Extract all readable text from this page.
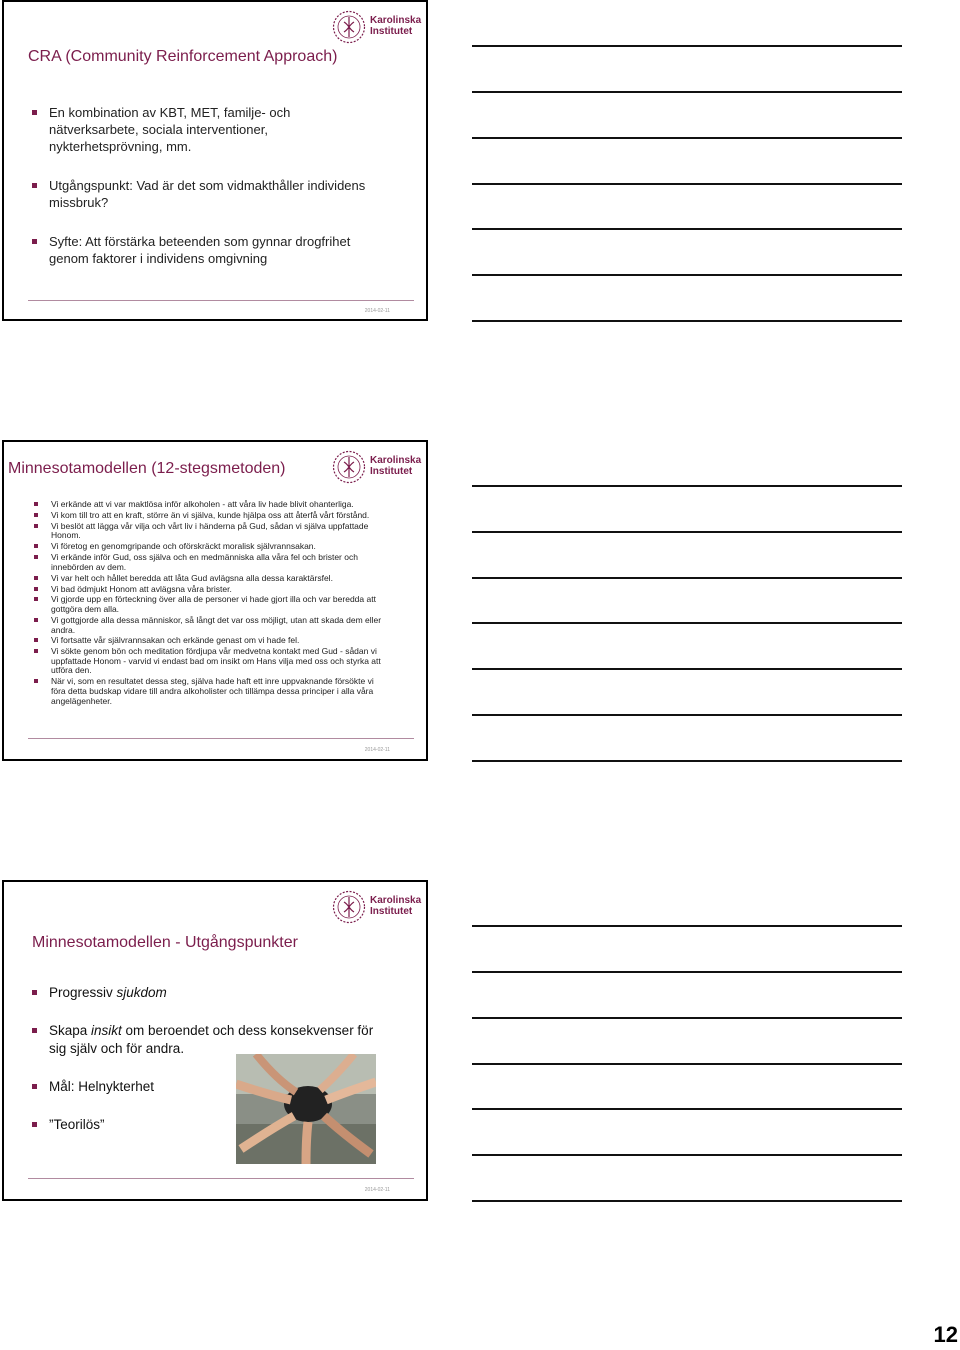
Karolinska
Institutet
CRA (Community Reinforcement Approach)
En kombination av KBT, MET, familje- och nätverksarbete, sociala interventioner, nykterhetsprövning, mm.
Utgångspunkt: Vad är det som vidmakthåller individens missbruk?
Syfte: Att förstärka beteenden som gynnar drogfrihet genom faktorer i individens omgivning
2014-02-11
Karolinska
Institutet
Minnesotamodellen (12-stegsmetoden)
Vi erkände att vi var maktlösa inför alkoholen - att våra liv hade blivit ohanterliga.
Vi kom till tro att en kraft, större än vi själva, kunde hjälpa oss att återfå vårt förstånd.
Vi beslöt att lägga vår vilja och vårt liv i händerna på Gud, sådan vi själva uppfattade Honom.
Vi företog en genomgripande och oförskräckt moralisk självrannsakan.
Vi erkände inför Gud, oss själva och en medmänniska alla våra fel och brister och innebörden av dem.
Vi var helt och hållet beredda att låta Gud avlägsna alla dessa karaktärsfel.
Vi bad ödmjukt Honom att avlägsna våra brister.
Vi gjorde upp en förteckning över alla de personer vi hade gjort illa och var beredda att gottgöra dem alla.
Vi gottgjorde alla dessa människor, så långt det var oss möjligt, utan att skada dem eller andra.
Vi fortsatte vår självrannsakan och erkände genast om vi hade fel.
Vi sökte genom bön och meditation fördjupa vår medvetna kontakt med Gud - sådan vi uppfattade Honom - varvid vi endast bad om insikt om Hans vilja med oss och styrka att utföra den.
När vi, som en resultatet dessa steg, själva hade haft ett inre uppvaknande försökte vi föra detta budskap vidare till andra alkoholister och tillämpa dessa principer i alla våra angelägenheter.
2014-02-11
Karolinska
Institutet
Minnesotamodellen - Utgångspunkter
Progressiv sjukdom
Skapa insikt om beroendet och dess konsekvenser för sig själv och för andra.
Mål: Helnykterhet
”Teorilös”
2014-02-11
12
